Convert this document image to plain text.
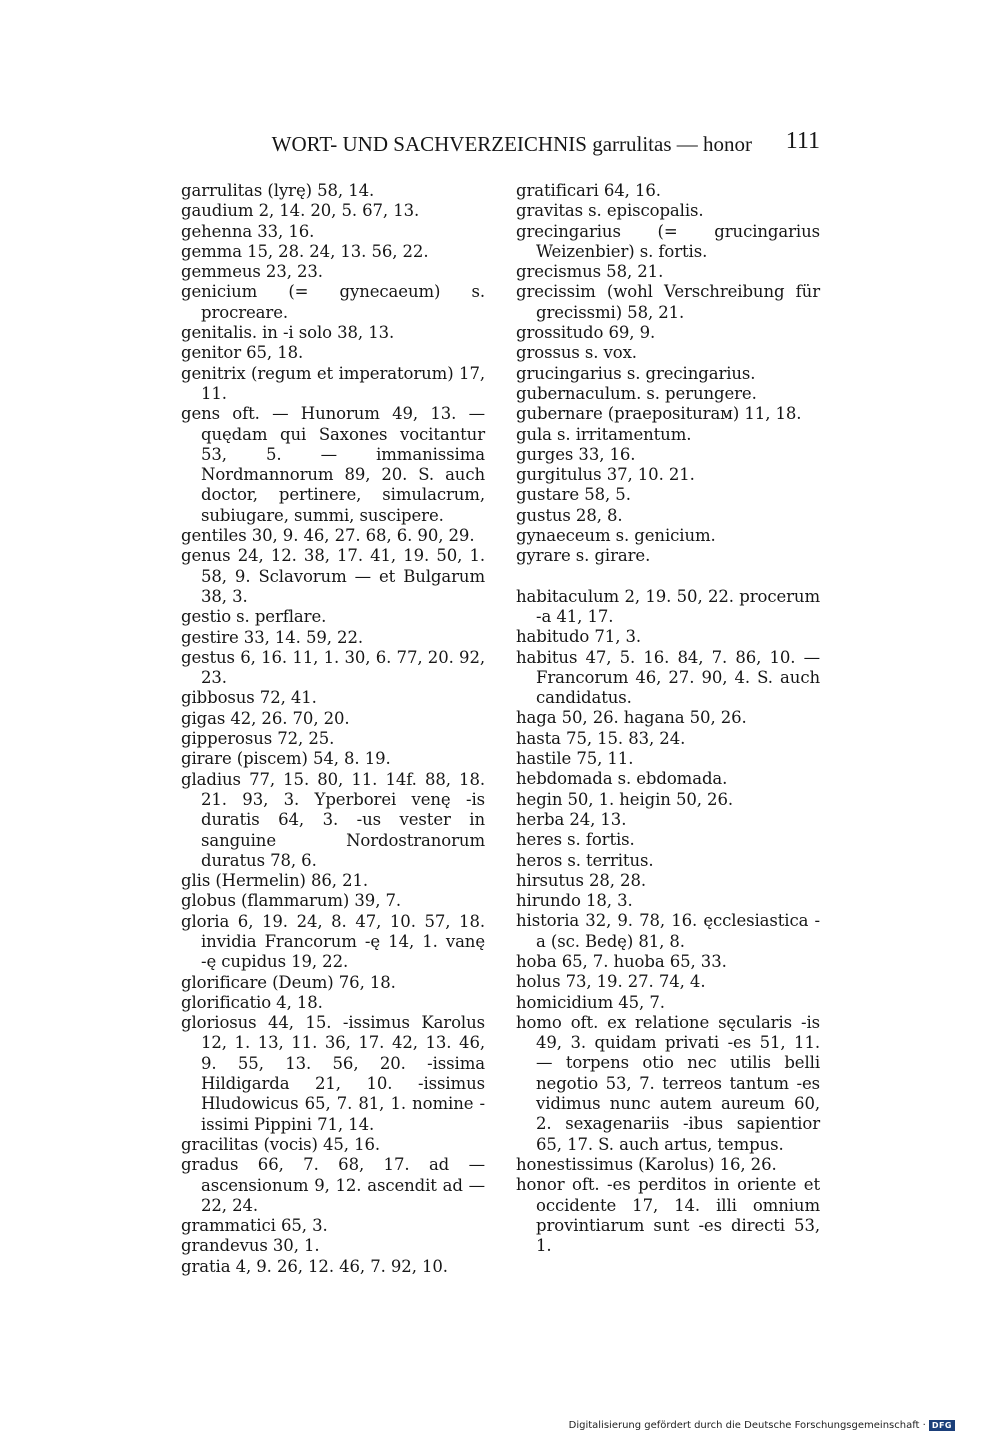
WORT- UND SACHVERZEICHNIS garrulitas — honor 111
garrulitas (lyrę) 58, 14.
gaudium 2, 14. 20, 5. 67, 13.
gehenna 33, 16.
gemma 15, 28. 24, 13. 56, 22.
gemmeus 23, 23.
genicium (= gynecaeum) s. procreare.
genitalis. in -i solo 38, 13.
genitor 65, 18.
genitrix (regum et imperatorum) 17, 11.
gens oft. — Hunorum 49, 13. —quędam qui Saxones vocitantur 53, 5. — immanissima Nordmannorum 89, 20. S. auch doctor, pertinere, simulacrum, subiugare, summi, suscipere.
gentiles 30, 9. 46, 27. 68, 6. 90, 29.
genus 24, 12. 38, 17. 41, 19. 50, 1. 58, 9. Sclavorum — et Bulgarum 38, 3.
gestio s. perflare.
gestire 33, 14. 59, 22.
gestus 6, 16. 11, 1. 30, 6. 77, 20. 92, 23.
gibbosus 72, 41.
gigas 42, 26. 70, 20.
gipperosus 72, 25.
girare (piscem) 54, 8. 19.
gladius 77, 15. 80, 11. 14f. 88, 18. 21. 93, 3. Yperborei venę -is duratis 64, 3. -us vester in sanguine Nordostranorum duratus 78, 6.
glis (Hermelin) 86, 21.
globus (flammarum) 39, 7.
gloria 6, 19. 24, 8. 47, 10. 57, 18. invidia Francorum -ę 14, 1. vanę -ę cupidus 19, 22.
glorificare (Deum) 76, 18.
glorificatio 4, 18.
gloriosus 44, 15. -issimus Karolus 12, 1. 13, 11. 36, 17. 42, 13. 46, 9. 55, 13. 56, 20. -issima Hildigarda 21, 10. -issimus Hludowicus 65, 7. 81, 1. nomine -issimi Pippini 71, 14.
gracilitas (vocis) 45, 16.
gradus 66, 7. 68, 17. ad — ascensionum 9, 12. ascendit ad — 22, 24.
grammatici 65, 3.
grandevus 30, 1.
gratia 4, 9. 26, 12. 46, 7. 92, 10.
gratificari 64, 16.
gravitas s. episcopalis.
grecingarius (= grucingarius Weizenbier) s. fortis.
grecismus 58, 21.
grecissim (wohl Verschreibung für grecissmi) 58, 21.
grossitudo 69, 9.
grossus s. vox.
grucingarius s. grecingarius.
gubernaculum. s. perungere.
gubernare (praepositurам) 11, 18.
gula s. irritamentum.
gurges 33, 16.
gurgitulus 37, 10. 21.
gustare 58, 5.
gustus 28, 8.
gynaeceum s. genicium.
gyrare s. girare.
habitaculum 2, 19. 50, 22. procerum -a 41, 17.
habitudo 71, 3.
habitus 47, 5. 16. 84, 7. 86, 10. — Francorum 46, 27. 90, 4. S. auch candidatus.
haga 50, 26. hagana 50, 26.
hasta 75, 15. 83, 24.
hastile 75, 11.
hebdomada s. ebdomada.
hegin 50, 1. heigin 50, 26.
herba 24, 13.
heres s. fortis.
heros s. territus.
hirsutus 28, 28.
hirundo 18, 3.
historia 32, 9. 78, 16. ęcclesiastica -a (sc. Bedę) 81, 8.
hoba 65, 7. huoba 65, 33.
holus 73, 19. 27. 74, 4.
homicidium 45, 7.
homo oft. ex relatione sęcularis -is 49, 3. quidam privati -es 51, 11. — torpens otio nec utilis belli negotio 53, 7. terreos tantum -es vidimus nunc autem aureum 60, 2. sexagenariis -ibus sapientior 65, 17. S. auch artus, tempus.
honestissimus (Karolus) 16, 26.
honor oft. -es perditos in oriente et occidente 17, 14. illi omnium provintiarum sunt -es directi 53, 1.
Digitalisierung gefördert durch die Deutsche Forschungsgemeinschaft · DFG
